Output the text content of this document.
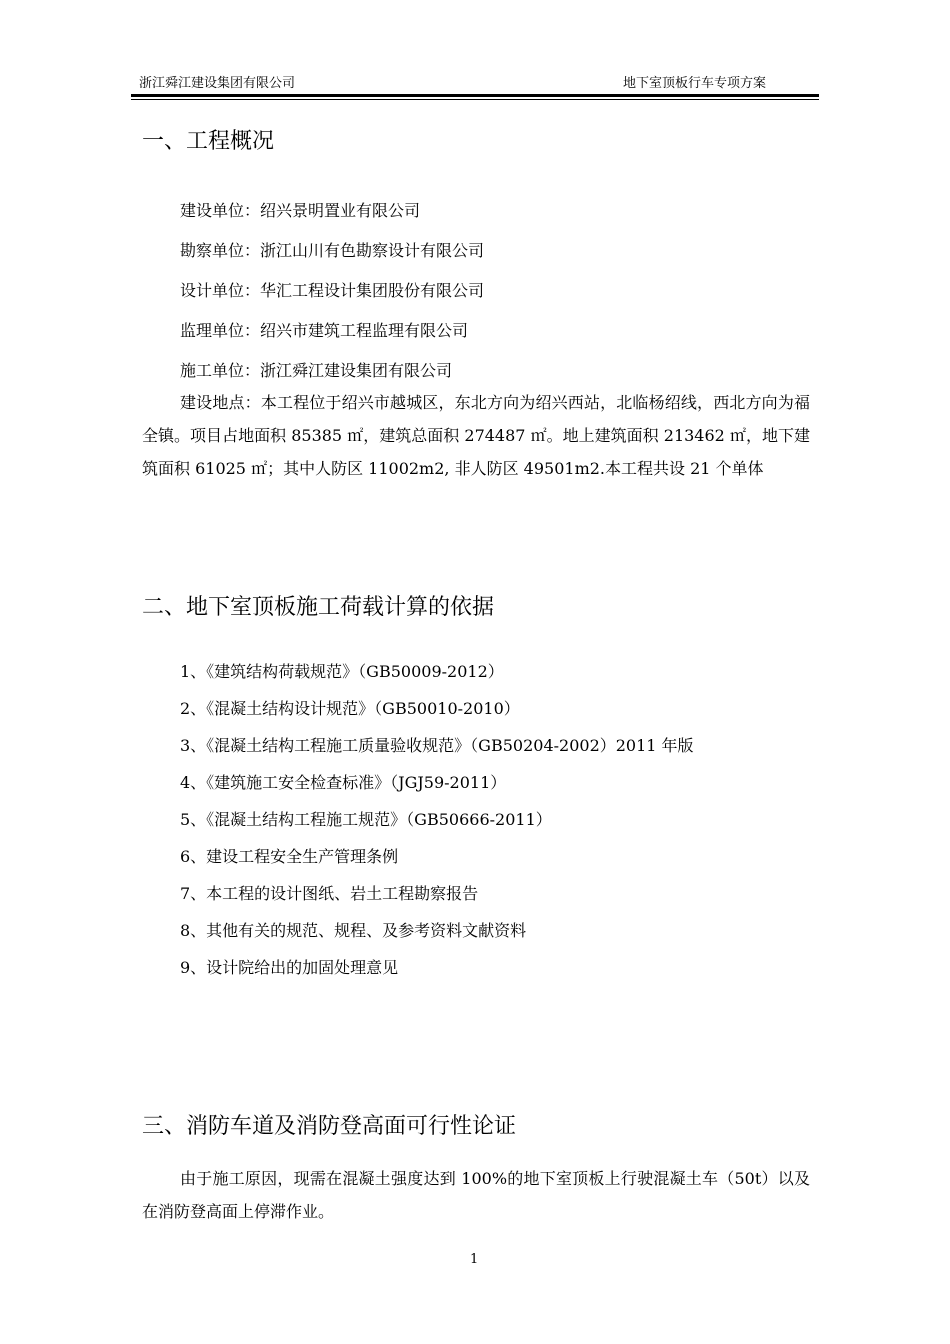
浙江舜江建设集团有限公司	地下室顶板行车专项方案
一、工程概况

建设单位：绍兴景明置业有限公司

勘察单位：浙江山川有色勘察设计有限公司

设计单位：华汇工程设计集团股份有限公司

监理单位：绍兴市建筑工程监理有限公司

施工单位：浙江舜江建设集团有限公司

建设地点：本工程位于绍兴市越城区，东北方向为绍兴西站，北临杨绍线，西北方向为福全镇。项目占地面积 85385 ㎡，建筑总面积 274487 ㎡。地上建筑面积 213462 ㎡，地下建筑面积 61025 ㎡；其中人防区 11002m2, 非人防区 49501m2.本工程共设 21 个单体

二、地下室顶板施工荷载计算的依据

1、《建筑结构荷载规范》（GB50009-2012）

2、《混凝土结构设计规范》（GB50010-2010）

3、《混凝土结构工程施工质量验收规范》（GB50204-2002）2011 年版

4、《建筑施工安全检查标准》（JGJ59-2011）

5、《混凝土结构工程施工规范》（GB50666-2011）

6、建设工程安全生产管理条例

7、本工程的设计图纸、岩土工程勘察报告

8、其他有关的规范、规程、及参考资料文献资料

9、设计院给出的加固处理意见

三、消防车道及消防登高面可行性论证

由于施工原因，现需在混凝土强度达到 100%的地下室顶板上行驶混凝土车（50t）以及在消防登高面上停滞作业。

1
